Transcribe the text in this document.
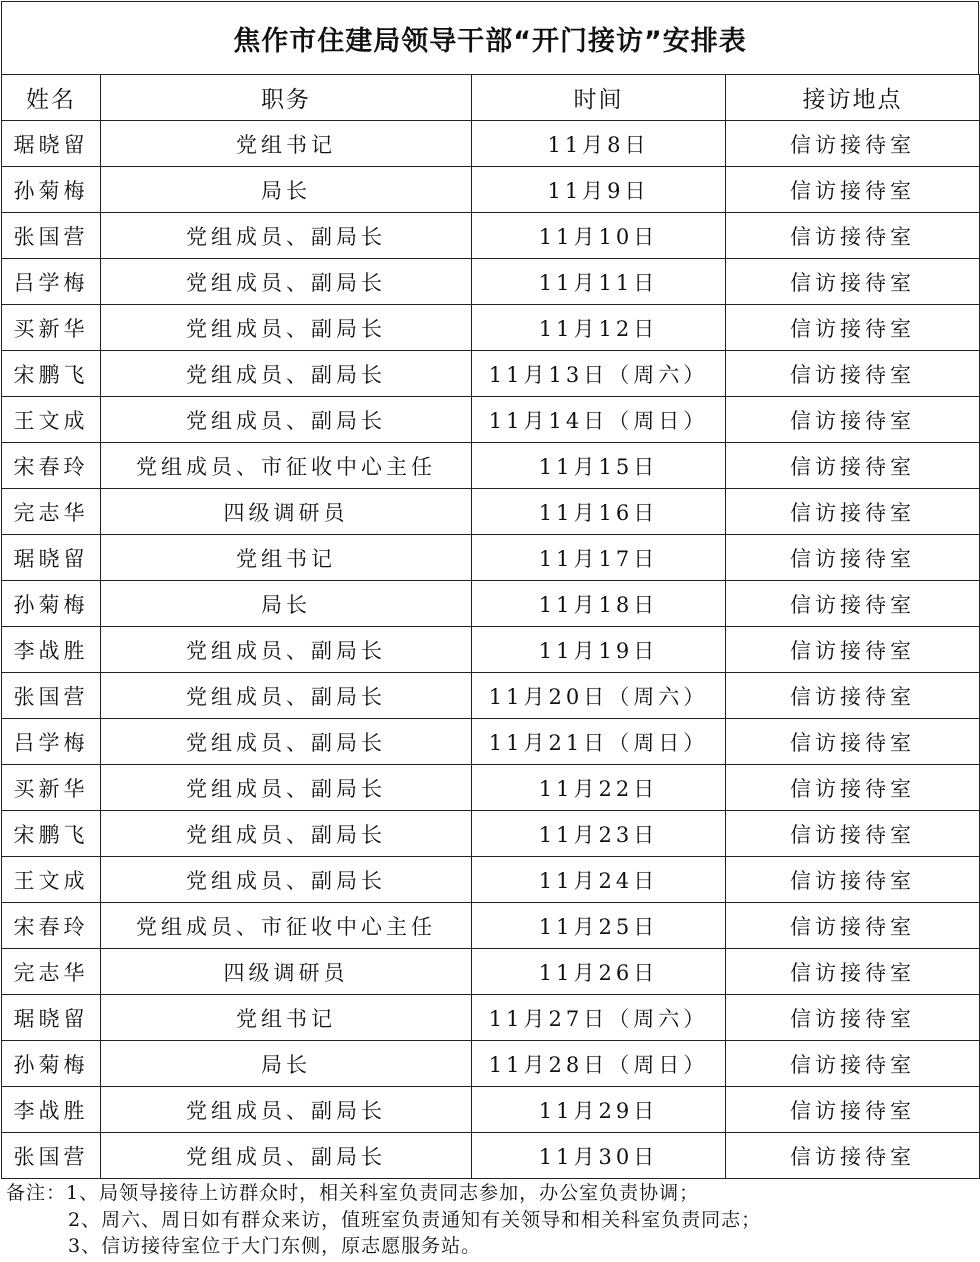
焦作市住建局领导干部“开门接访”安排表
姓名	职务	时间	接访地点
琚晓留	党组书记	11月8日	信访接待室
孙菊梅	局长	11月9日	信访接待室
张国营	党组成员、副局长	11月10日	信访接待室
吕学梅	党组成员、副局长	11月11日	信访接待室
买新华	党组成员、副局长	11月12日	信访接待室
宋鹏飞	党组成员、副局长	11月13日（周六）	信访接待室
王文成	党组成员、副局长	11月14日（周日）	信访接待室
宋春玲	党组成员、市征收中心主任	11月15日	信访接待室
完志华	四级调研员	11月16日	信访接待室
琚晓留	党组书记	11月17日	信访接待室
孙菊梅	局长	11月18日	信访接待室
李战胜	党组成员、副局长	11月19日	信访接待室
张国营	党组成员、副局长	11月20日（周六）	信访接待室
吕学梅	党组成员、副局长	11月21日（周日）	信访接待室
买新华	党组成员、副局长	11月22日	信访接待室
宋鹏飞	党组成员、副局长	11月23日	信访接待室
王文成	党组成员、副局长	11月24日	信访接待室
宋春玲	党组成员、市征收中心主任	11月25日	信访接待室
完志华	四级调研员	11月26日	信访接待室
琚晓留	党组书记	11月27日（周六）	信访接待室
孙菊梅	局长	11月28日（周日）	信访接待室
李战胜	党组成员、副局长	11月29日	信访接待室
张国营	党组成员、副局长	11月30日	信访接待室
备注：1、局领导接待上访群众时，相关科室负责同志参加，办公室负责协调；
2、周六、周日如有群众来访，值班室负责通知有关领导和相关科室负责同志；
3、信访接待室位于大门东侧，原志愿服务站。
